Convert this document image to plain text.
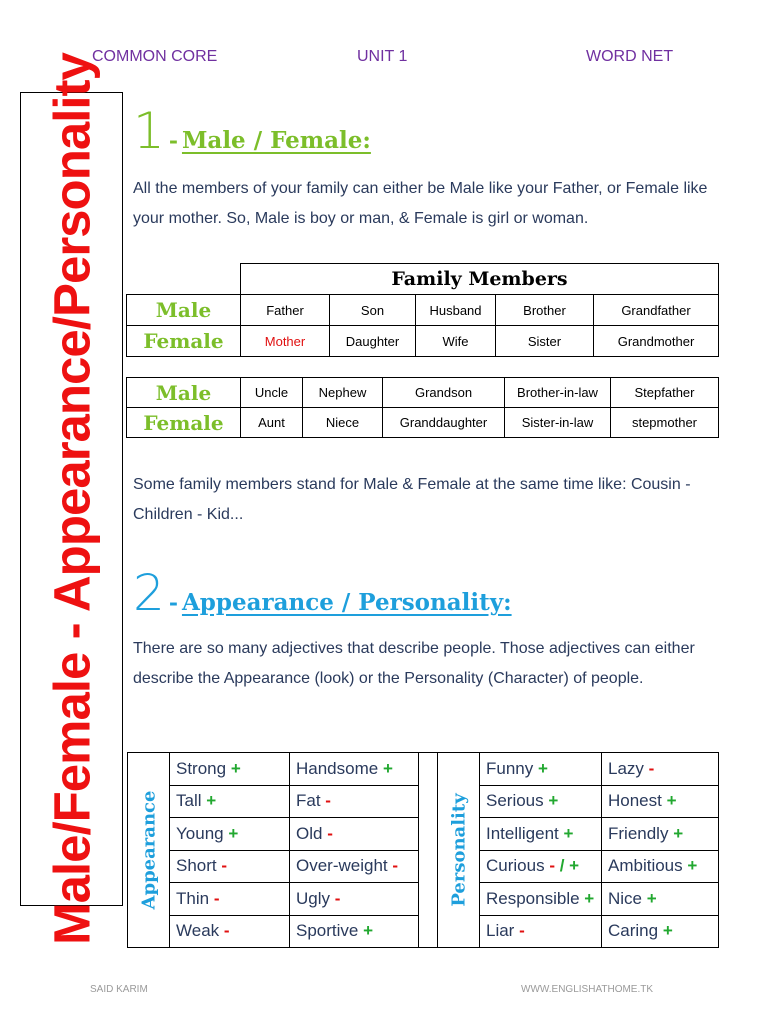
COMMON CORE	UNIT 1	WORD NET
Male/Female - Appearance/Personality 1 - Male / Female:
All the members of your family can either be Male like your Father, or Female like your mother. So, Male is boy or man, & Female is girl or woman.
Family Members
Male	Father	Son	Husband	Brother	Grandfather
Female	Mother	Daughter	Wife	Sister	Grandmother
Male	Uncle	Nephew	Grandson	Brother-in-law	Stepfather
Female	Aunt	Niece	Granddaughter	Sister-in-law	stepmother
Some family members stand for Male & Female at the same time like: Cousin - Children - Kid...
2 - Appearance / Personality:
There are so many adjectives that describe people. Those adjectives can either describe the Appearance (look) or the Personality (Character) of people.
Appearance	Strong +	Handsome +
	Tall +	Fat -
	Young +	Old -
	Short -	Over-weight -
	Thin -	Ugly -
	Weak -	Sportive +
Personality	Funny +	Lazy -
	Serious +	Honest +
	Intelligent +	Friendly +
	Curious - / +	Ambitious +
	Responsible +	Nice +
	Liar -	Caring +
SAID KARIM	WWW.ENGLISHATHOME.TK
